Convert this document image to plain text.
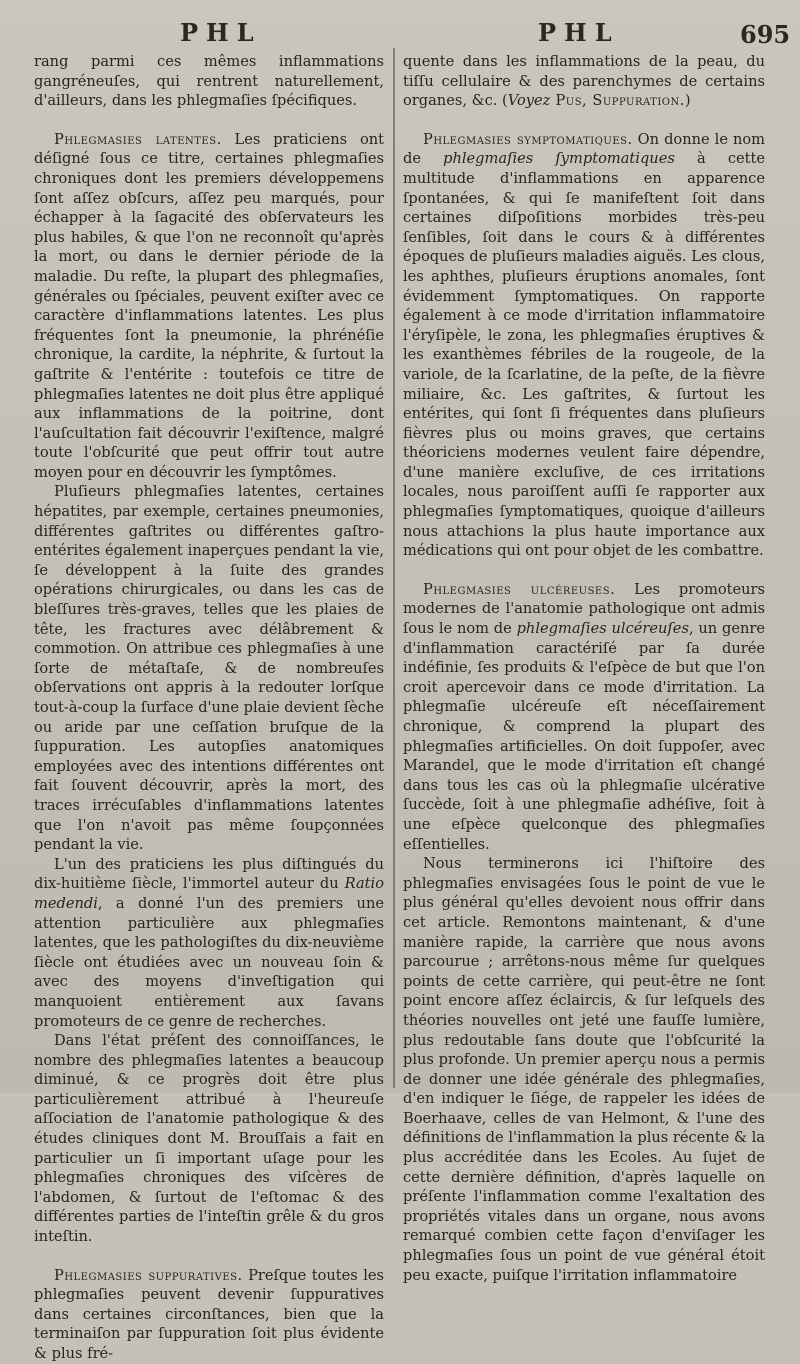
PHL	PHL	695

rang parmi ces mêmes inflammations gangréneuſes, qui rentrent naturellement, d'ailleurs, dans les phlegmaſies ſpécifiques.

Phlegmasies latentes. Les praticiens ont déſigné ſous ce titre, certaines phlegmaſies chroniques dont les premiers développemens ſont aſſez obſcurs, aſſez peu marqués, pour échapper à la ſagacité des obſervateurs les plus habiles, & que l'on ne reconnoît qu'après la mort, ou dans le dernier période de la maladie. Du reſte, la plupart des phlegmaſies, générales ou ſpéciales, peuvent exiſter avec ce caractère d'inflammations latentes. Les plus fréquentes ſont la pneumonie, la phrénéſie chronique, la cardite, la néphrite, & ſurtout la gaſtrite & l'entérite : toutefois ce titre de phlegmaſies latentes ne doit plus être appliqué aux inflammations de la poitrine, dont l'auſcultation fait découvrir l'exiſtence, malgré toute l'obſcurité que peut offrir tout autre moyen pour en découvrir les ſymptômes.

Pluſieurs phlegmaſies latentes, certaines hépatites, par exemple, certaines pneumonies, différentes gaſtrites ou différentes gaſtro-entérites également inaperçues pendant la vie, ſe développent à la ſuite des grandes opérations chirurgicales, ou dans les cas de bleſſures très-graves, telles que les plaies de tête, les fractures avec délâbrement & commotion. On attribue ces phlegmaſies à une ſorte de métaſtaſe, & de nombreuſes obſervations ont appris à la redouter lorſque tout-à-coup la ſurface d'une plaie devient ſèche ou aride par une ceſſation bruſque de la ſuppuration. Les autopſies anatomiques employées avec des intentions différentes ont fait ſouvent découvrir, après la mort, des traces irrécuſables d'inflammations latentes que l'on n'avoit pas même ſoupçonnées pendant la vie.

L'un des praticiens les plus diſtingués du dix-huitième ſiècle, l'immortel auteur du Ratio medendi, a donné l'un des premiers une attention particulière aux phlegmaſies latentes, que les pathologiſtes du dix-neuvième ſiècle ont étudiées avec un nouveau ſoin & avec des moyens d'inveſtigation qui manquoient entièrement aux ſavans promoteurs de ce genre de recherches.

Dans l'état préſent des connoiſſances, le nombre des phlegmaſies latentes a beaucoup diminué, & ce progrès doit être plus particulièrement attribué à l'heureuſe aſſociation de l'anatomie pathologique & des études cliniques dont M. Brouſſais a fait en particulier un ſi important uſage pour les phlegmaſies chroniques des viſcères de l'abdomen, & ſurtout de l'eſtomac & des différentes parties de l'inteſtin grêle & du gros inteſtin.

Phlegmasies suppuratives. Preſque toutes les phlegmaſies peuvent devenir ſuppuratives dans certaines circonſtances, bien que la terminaiſon par ſuppuration ſoit plus évidente & plus fré-

quente dans les inflammations de la peau, du tiſſu cellulaire & des parenchymes de certains organes, &c. (Voyez Pus, Suppuration.)

Phlegmasies symptomatiques. On donne le nom de phlegmaſies ſymptomatiques à cette multitude d'inflammations en apparence ſpontanées, & qui ſe manifeſtent ſoit dans certaines diſpoſitions morbides très-peu ſenſibles, ſoit dans le cours & à différentes époques de pluſieurs maladies aiguës. Les clous, les aphthes, pluſieurs éruptions anomales, ſont évidemment ſymptomatiques. On rapporte également à ce mode d'irritation inflammatoire l'éryſipèle, le zona, les phlegmaſies éruptives & les exanthèmes fébriles de la rougeole, de la variole, de la ſcarlatine, de la peſte, de la fièvre miliaire, &c. Les gaſtrites, & ſurtout les entérites, qui ſont ſi fréquentes dans pluſieurs fièvres plus ou moins graves, que certains théoriciens modernes veulent faire dépendre, d'une manière excluſive, de ces irritations locales, nous paroiſſent auſſi ſe rapporter aux phlegmaſies ſymptomatiques, quoique d'ailleurs nous attachions la plus haute importance aux médications qui ont pour objet de les combattre.

Phlegmasies ulcéreuses. Les promoteurs modernes de l'anatomie pathologique ont admis ſous le nom de phlegmaſies ulcéreuſes, un genre d'inflammation caractériſé par ſa durée indéfinie, ſes produits & l'eſpèce de but que l'on croit apercevoir dans ce mode d'irritation. La phlegmaſie ulcéreuſe eſt néceſſairement chronique, & comprend la plupart des phlegmaſies artificielles. On doit ſuppoſer, avec Marandel, que le mode d'irritation eſt changé dans tous les cas où la phlegmaſie ulcérative ſuccède, ſoit à une phlegmaſie adhéſive, ſoit à une eſpèce quelconque des phlegmaſies eſſentielles.

Nous terminerons ici l'hiſtoire des phlegmaſies envisagées ſous le point de vue le plus général qu'elles devoient nous offrir dans cet article. Remontons maintenant, & d'une manière rapide, la carrière que nous avons parcourue ; arrêtons-nous même ſur quelques points de cette carrière, qui peut-être ne ſont point encore aſſez éclaircis, & ſur leſquels des théories nouvelles ont jeté une fauſſe lumière, plus redoutable ſans doute que l'obſcurité la plus profonde. Un premier aperçu nous a permis de donner une idée générale des phlegmaſies, d'en indiquer le ſiége, de rappeler les idées de Boerhaave, celles de van Helmont, & l'une des définitions de l'inflammation la plus récente & la plus accréditée dans les Ecoles. Au ſujet de cette dernière définition, d'après laquelle on préſente l'inflammation comme l'exaltation des propriétés vitales dans un organe, nous avons remarqué combien cette façon d'enviſager les phlegmaſies ſous un point de vue général étoit peu exacte, puiſque l'irritation inflammatoire
